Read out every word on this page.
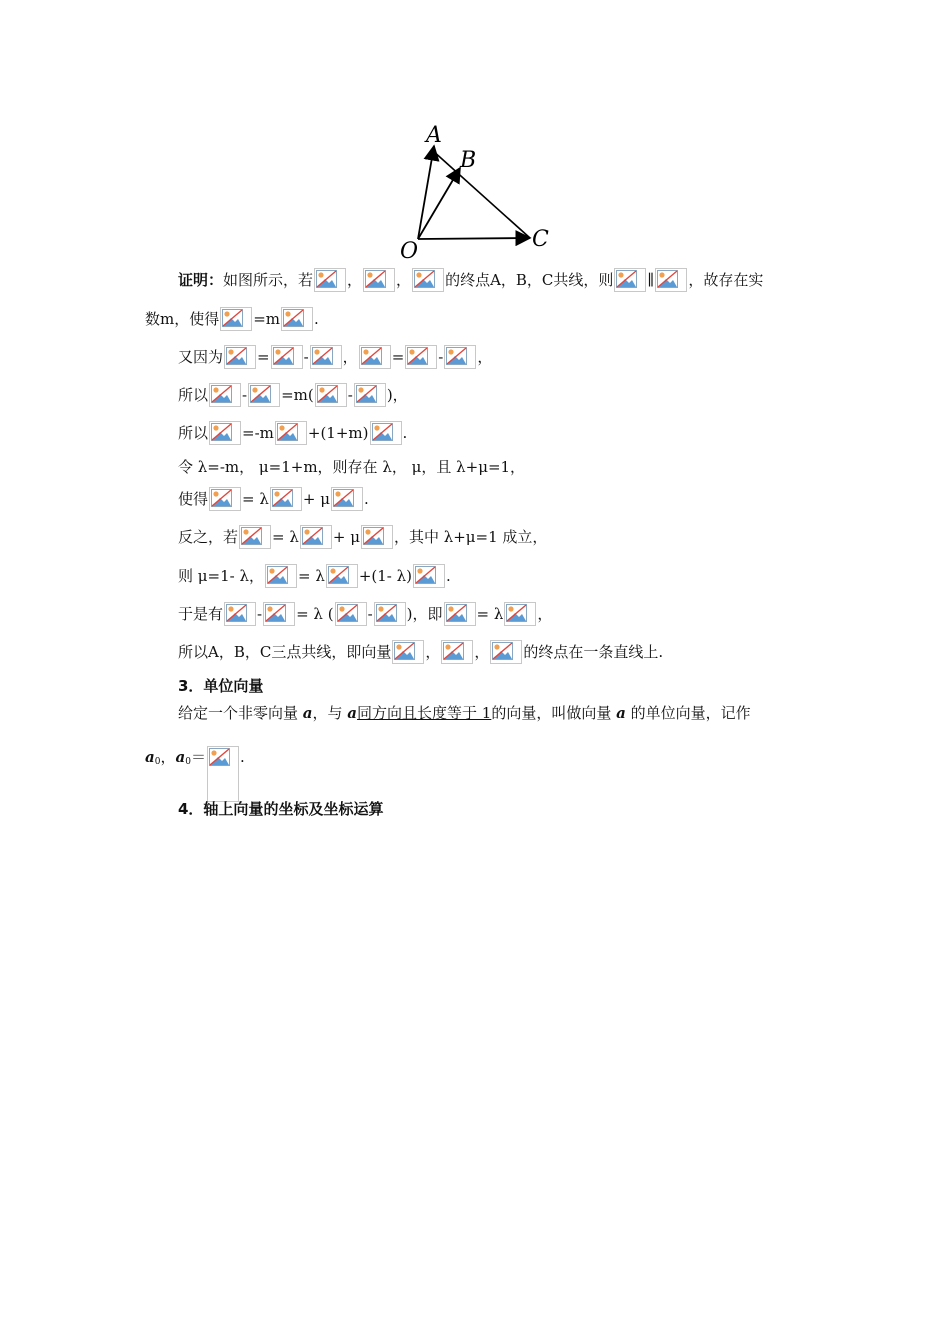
A
B
C
O
证明：如图所示，若 ， ， 的终点A，B，C共线，则 ∥ ，故存在实
数m，使得 =m .
又因为 = - ， = - ，
所以 - =m( - )，
所以 =-m +(1+m) .
令 λ=-m， μ=1+m，则存在 λ， μ，且 λ+μ=1，
使得 = λ + μ .
反之，若 = λ + μ ，其中 λ+μ=1 成立，
则 μ=1- λ， = λ +(1- λ) .
于是有 - = λ ( - )，即 = λ ，
所以A，B，C三点共线，即向量 ， ， 的终点在一条直线上.
3．单位向量
给定一个非零向量 a，与 a同方向且长度等于 1的向量，叫做向量 a 的单位向量，记作
$a_0$，$a_0=$ .
4．轴上向量的坐标及坐标运算
